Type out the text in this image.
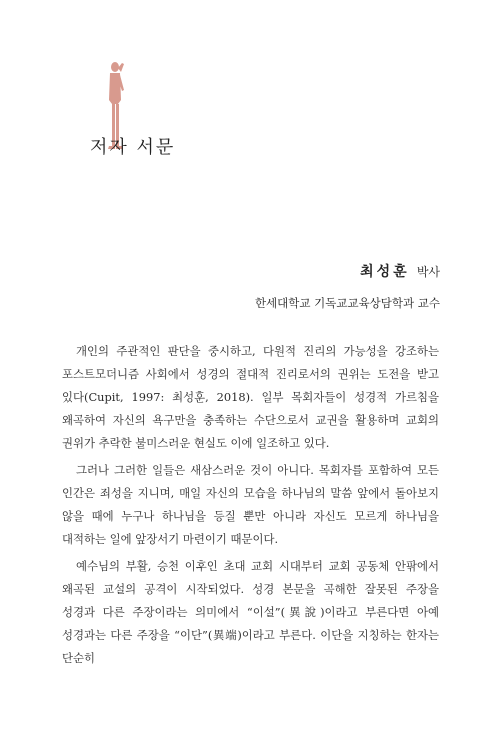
저자 서문
최성훈 박사
한세대학교 기독교교육상담학과 교수

개인의 주관적인 판단을 중시하고, 다원적 진리의 가능성을 강조하는 포스트모더니즘 사회에서 성경의 절대적 진리로서의 권위는 도전을 받고 있다(Cupit, 1997: 최성훈, 2018). 일부 목회자들이 성경적 가르침을 왜곡하여 자신의 욕구만을 충족하는 수단으로서 교권을 활용하며 교회의 권위가 추락한 불미스러운 현실도 이에 일조하고 있다.

그러나 그러한 일들은 새삼스러운 것이 아니다. 목회자를 포함하여 모든 인간은 죄성을 지니며, 매일 자신의 모습을 하나님의 말씀 앞에서 돌아보지 않을 때에 누구나 하나님을 등질 뿐만 아니라 자신도 모르게 하나님을 대적하는 일에 앞장서기 마련이기 때문이다.

예수님의 부활, 승천 이후인 초대 교회 시대부터 교회 공동체 안팎에서 왜곡된 교설의 공격이 시작되었다. 성경 본문을 곡해한 잘못된 주장을 성경과 다른 주장이라는 의미에서 “이설”(異說)이라고 부른다면 아예 성경과는 다른 주장을 “이단”(異端)이라고 부른다. 이단을 지칭하는 한자는 단순히
